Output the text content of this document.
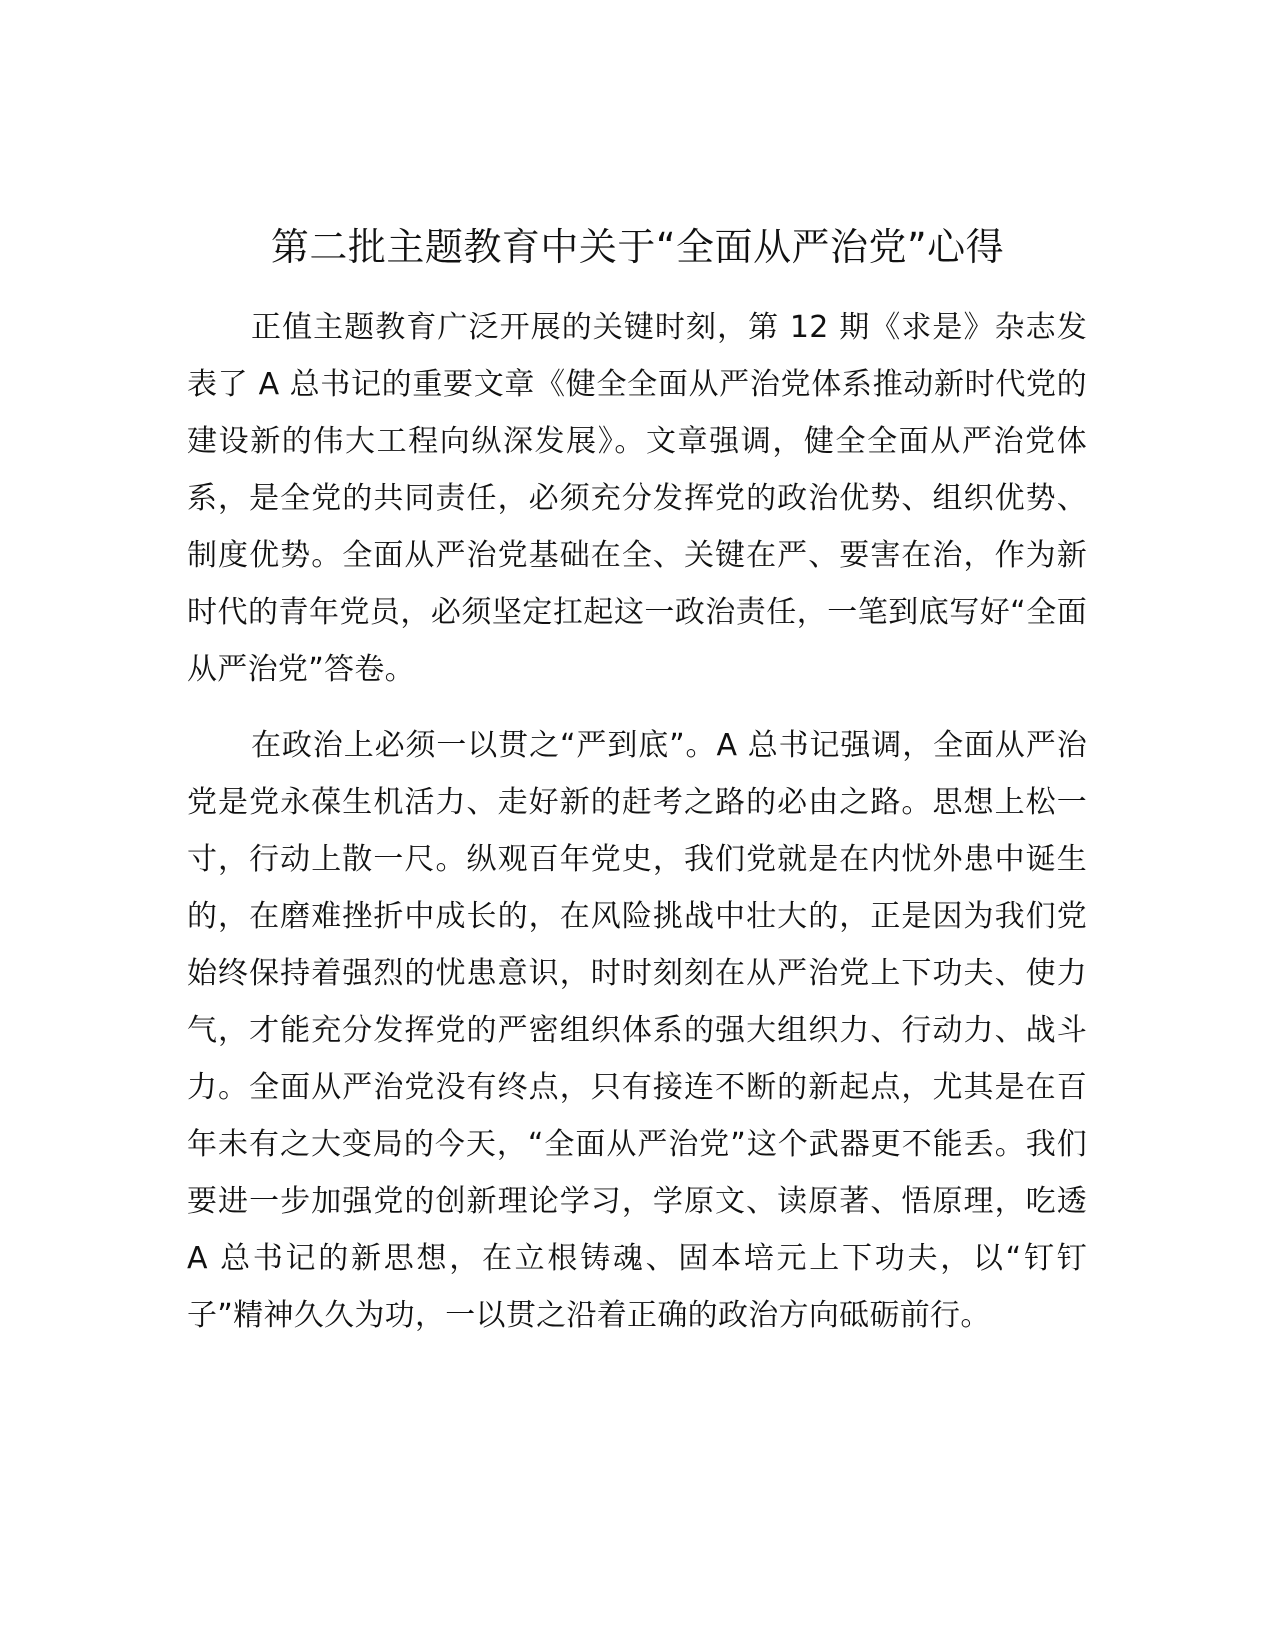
第二批主题教育中关于“全面从严治党”心得

正值主题教育广泛开展的关键时刻，第 12 期《求是》杂志发表了 A 总书记的重要文章《健全全面从严治党体系推动新时代党的建设新的伟大工程向纵深发展》。文章强调，健全全面从严治党体系，是全党的共同责任，必须充分发挥党的政治优势、组织优势、制度优势。全面从严治党基础在全、关键在严、要害在治，作为新时代的青年党员，必须坚定扛起这一政治责任，一笔到底写好“全面从严治党”答卷。

在政治上必须一以贯之“严到底”。A 总书记强调，全面从严治党是党永葆生机活力、走好新的赶考之路的必由之路。思想上松一寸，行动上散一尺。纵观百年党史，我们党就是在内忧外患中诞生的，在磨难挫折中成长的，在风险挑战中壮大的，正是因为我们党始终保持着强烈的忧患意识，时时刻刻在从严治党上下功夫、使力气，才能充分发挥党的严密组织体系的强大组织力、行动力、战斗力。全面从严治党没有终点，只有接连不断的新起点，尤其是在百年未有之大变局的今天，“全面从严治党”这个武器更不能丢。我们要进一步加强党的创新理论学习，学原文、读原著、悟原理，吃透 A 总书记的新思想，在立根铸魂、固本培元上下功夫，以“钉钉子”精神久久为功，一以贯之沿着正确的政治方向砥砺前行。
